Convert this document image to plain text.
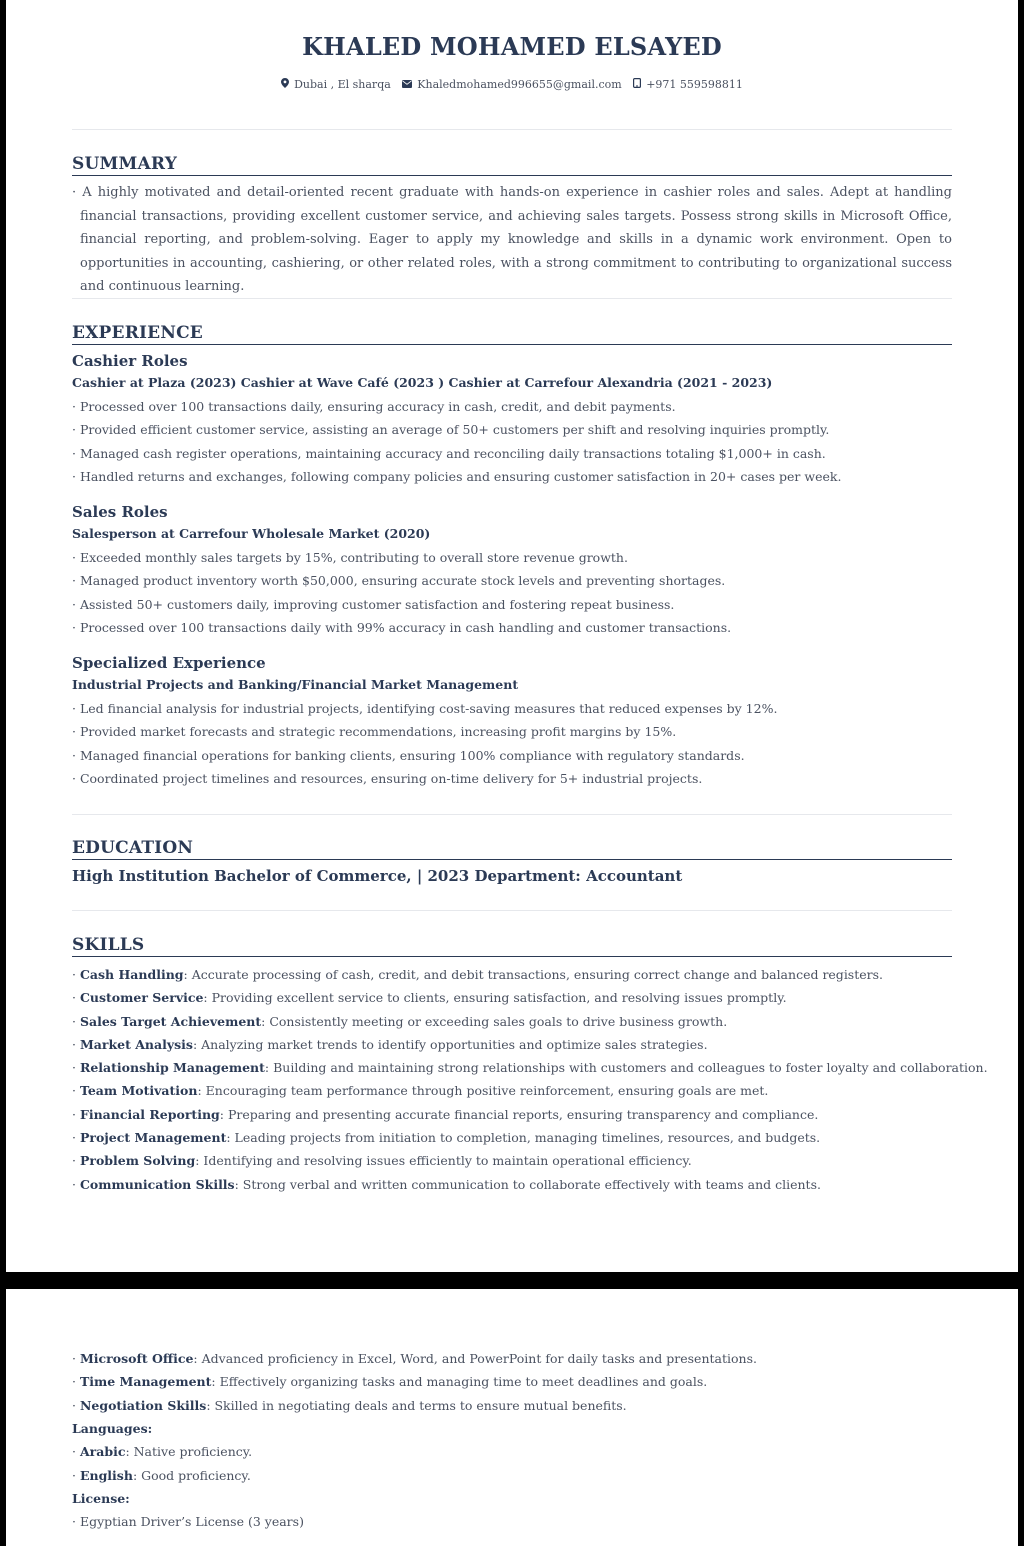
KHALED MOHAMED ELSAYED
Dubai , El sharqa Khaledmohamed996655@gmail.com +971 559598811
SUMMARY
· A highly motivated and detail-oriented recent graduate with hands-on experience in cashier roles and sales. Adept at handling financial transactions, providing excellent customer service, and achieving sales targets. Possess strong skills in Microsoft Office, financial reporting, and problem-solving. Eager to apply my knowledge and skills in a dynamic work environment. Open to opportunities in accounting, cashiering, or other related roles, with a strong commitment to contributing to organizational success and continuous learning.
EXPERIENCE
Cashier Roles
Cashier at Plaza (2023) Cashier at Wave Café (2023 ) Cashier at Carrefour Alexandria (2021 - 2023)
· Processed over 100 transactions daily, ensuring accuracy in cash, credit, and debit payments.
· Provided efficient customer service, assisting an average of 50+ customers per shift and resolving inquiries promptly.
· Managed cash register operations, maintaining accuracy and reconciling daily transactions totaling $1,000+ in cash.
· Handled returns and exchanges, following company policies and ensuring customer satisfaction in 20+ cases per week.
Sales Roles
Salesperson at Carrefour Wholesale Market (2020)
· Exceeded monthly sales targets by 15%, contributing to overall store revenue growth.
· Managed product inventory worth $50,000, ensuring accurate stock levels and preventing shortages.
· Assisted 50+ customers daily, improving customer satisfaction and fostering repeat business.
· Processed over 100 transactions daily with 99% accuracy in cash handling and customer transactions.
Specialized Experience
Industrial Projects and Banking/Financial Market Management
· Led financial analysis for industrial projects, identifying cost-saving measures that reduced expenses by 12%.
· Provided market forecasts and strategic recommendations, increasing profit margins by 15%.
· Managed financial operations for banking clients, ensuring 100% compliance with regulatory standards.
· Coordinated project timelines and resources, ensuring on-time delivery for 5+ industrial projects.
EDUCATION
High Institution Bachelor of Commerce, | 2023 Department: Accountant
SKILLS
· Cash Handling: Accurate processing of cash, credit, and debit transactions, ensuring correct change and balanced registers.
· Customer Service: Providing excellent service to clients, ensuring satisfaction, and resolving issues promptly.
· Sales Target Achievement: Consistently meeting or exceeding sales goals to drive business growth.
· Market Analysis: Analyzing market trends to identify opportunities and optimize sales strategies.
· Relationship Management: Building and maintaining strong relationships with customers and colleagues to foster loyalty and collaboration.
· Team Motivation: Encouraging team performance through positive reinforcement, ensuring goals are met.
· Financial Reporting: Preparing and presenting accurate financial reports, ensuring transparency and compliance.
· Project Management: Leading projects from initiation to completion, managing timelines, resources, and budgets.
· Problem Solving: Identifying and resolving issues efficiently to maintain operational efficiency.
· Communication Skills: Strong verbal and written communication to collaborate effectively with teams and clients.
· Microsoft Office: Advanced proficiency in Excel, Word, and PowerPoint for daily tasks and presentations.
· Time Management: Effectively organizing tasks and managing time to meet deadlines and goals.
· Negotiation Skills: Skilled in negotiating deals and terms to ensure mutual benefits.
Languages:
· Arabic: Native proficiency.
· English: Good proficiency.
License:
· Egyptian Driver’s License (3 years)
